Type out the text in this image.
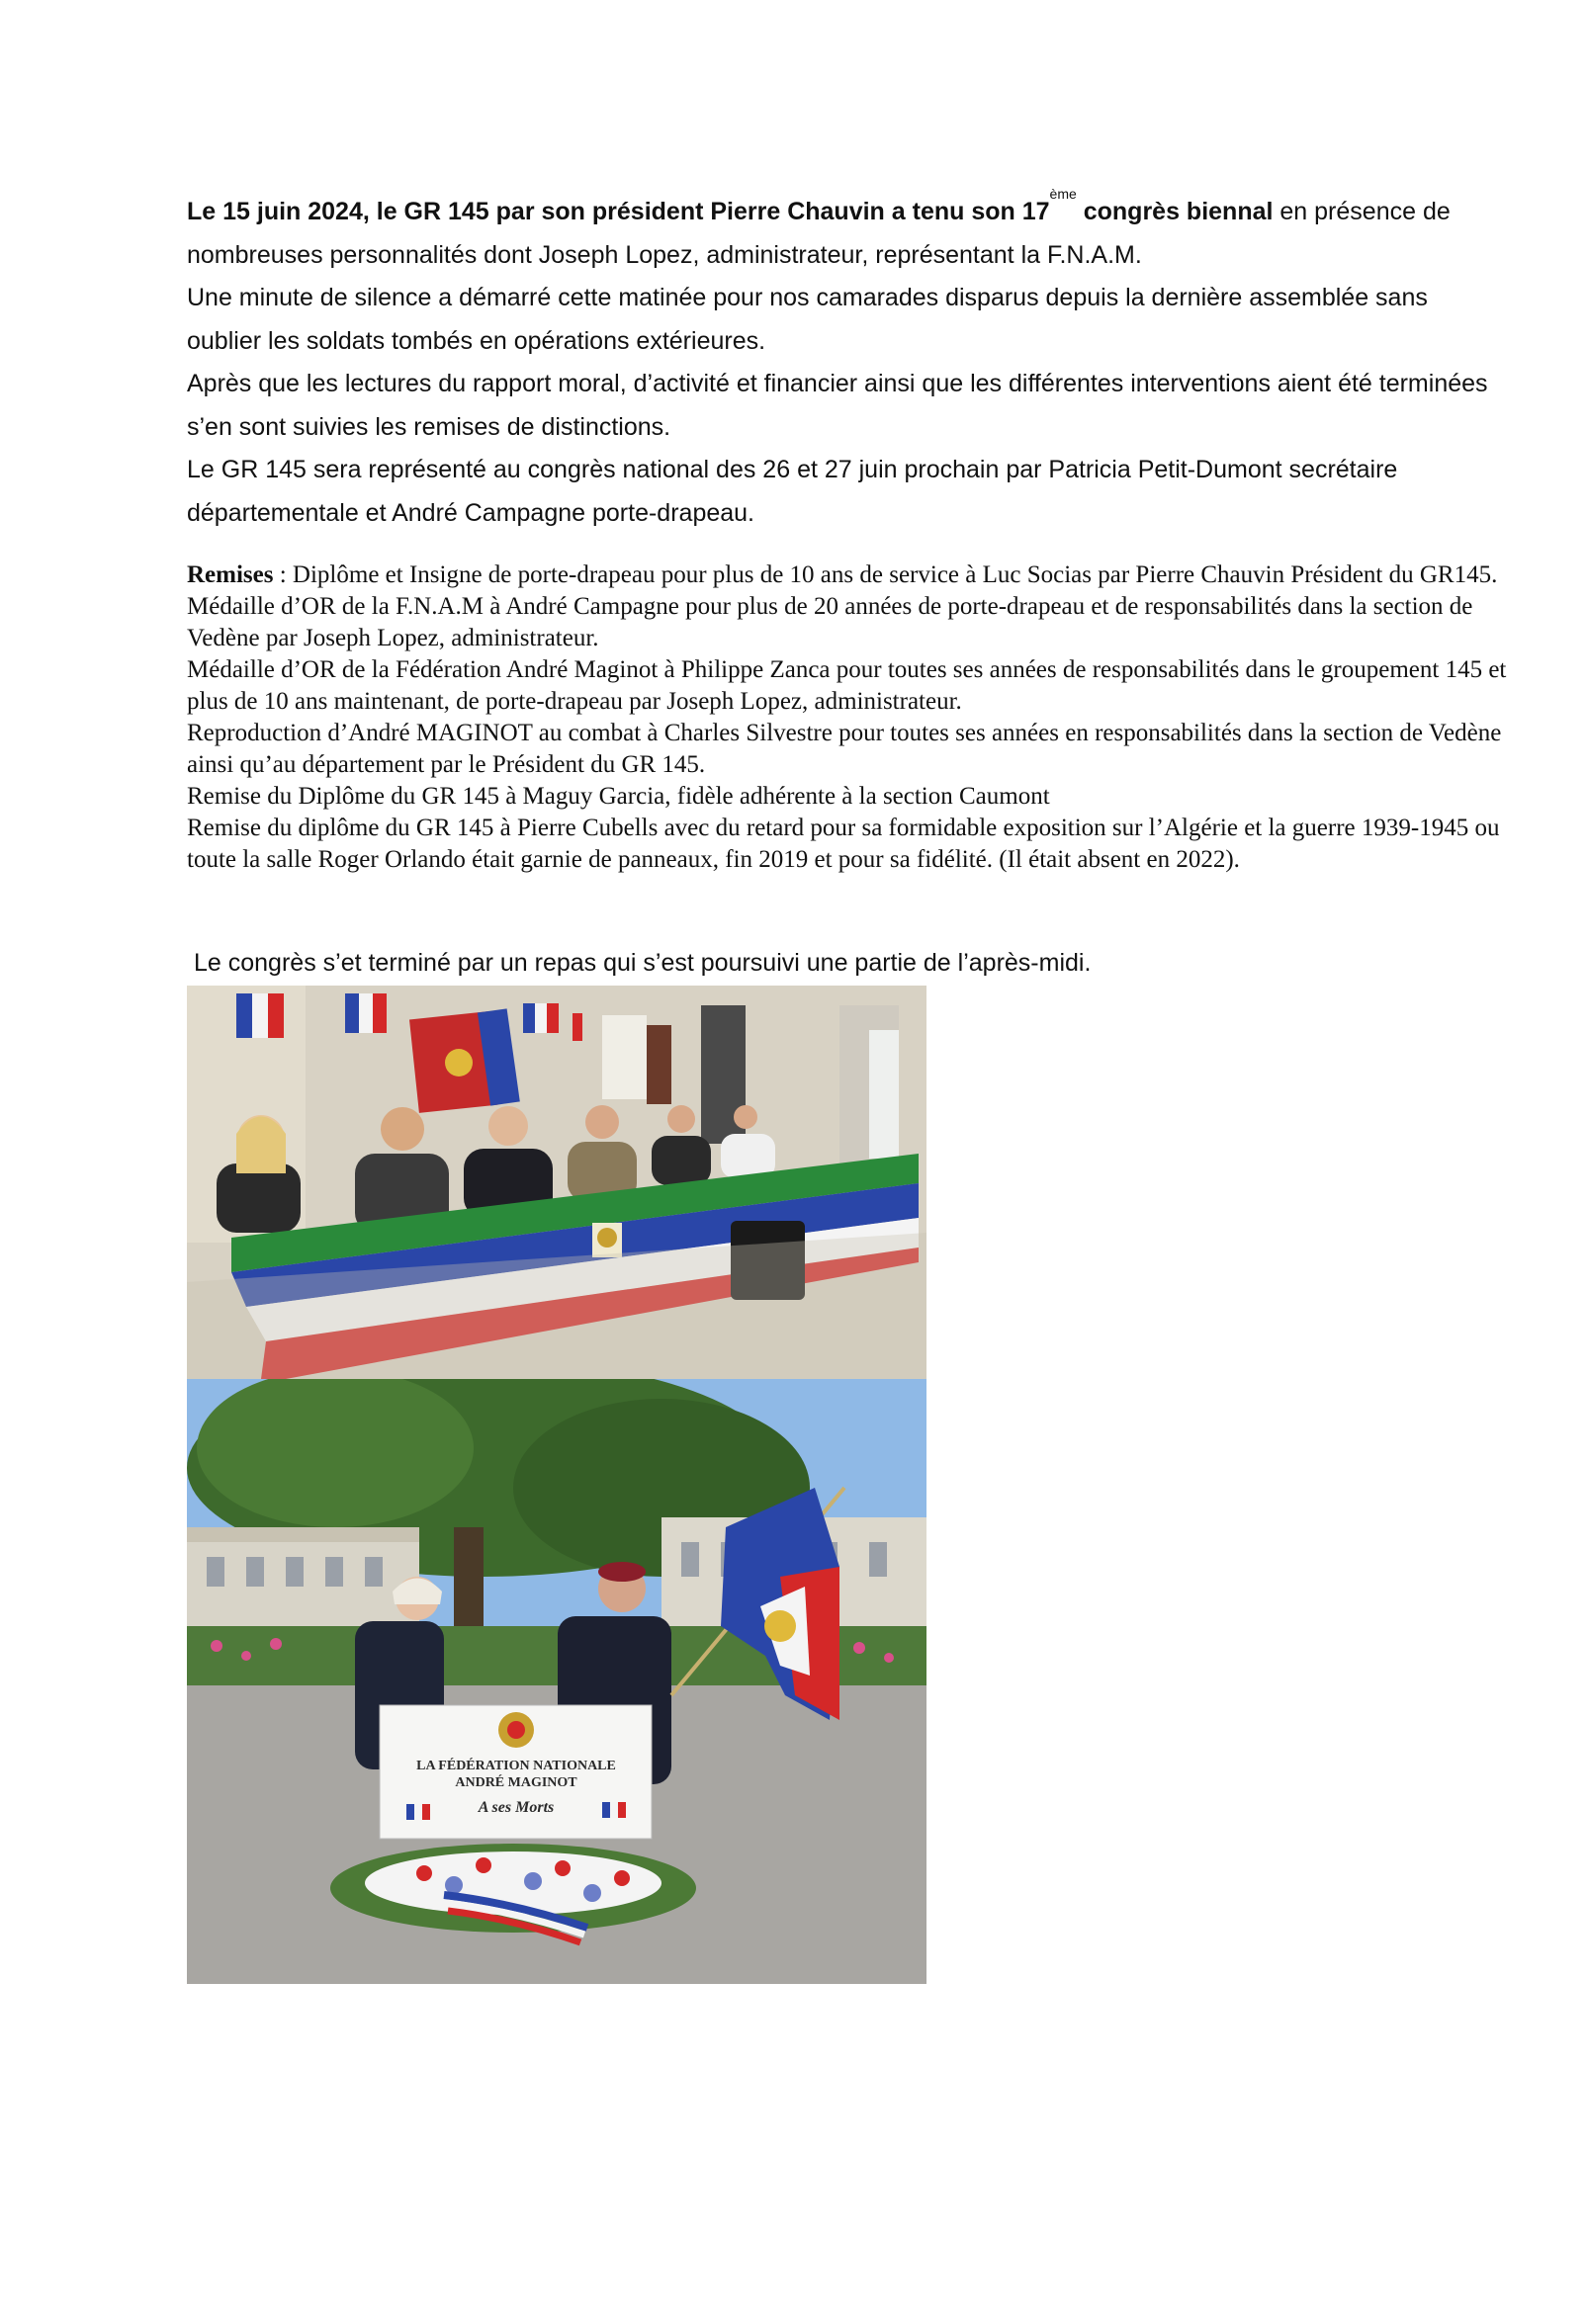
Le 15 juin 2024, le GR 145 par son président Pierre Chauvin a tenu son 17ème congrès biennal en présence de nombreuses personnalités dont Joseph Lopez, administrateur, représentant la F.N.A.M.

Une minute de silence a démarré cette matinée pour nos camarades disparus depuis la dernière assemblée sans oublier les soldats tombés en opérations extérieures.

Après que les lectures du rapport moral, d’activité et financier ainsi que les différentes interventions aient été terminées s’en sont suivies les remises de distinctions.

Le GR 145 sera représenté au congrès national des 26 et 27 juin prochain par Patricia Petit-Dumont secrétaire départementale et André Campagne porte-drapeau.

Remises : Diplôme et Insigne de porte-drapeau pour plus de 10 ans de service à Luc Socias par Pierre Chauvin Président du GR145.

Médaille d’OR de la F.N.A.M à André Campagne pour plus de 20 années de porte-drapeau et de responsabilités dans la section de Vedène par Joseph Lopez, administrateur.

Médaille d’OR de la Fédération André Maginot à Philippe Zanca pour toutes ses années de responsabilités dans le groupement 145 et plus de 10 ans maintenant, de porte-drapeau par Joseph Lopez, administrateur.

Reproduction d’André MAGINOT au combat à Charles Silvestre pour toutes ses années en responsabilités dans la section de Vedène ainsi qu’au département par le Président du GR 145.

Remise du Diplôme du GR 145 à Maguy Garcia, fidèle adhérente à la section Caumont

Remise du diplôme du GR 145 à Pierre Cubells avec du retard pour sa formidable exposition sur l’Algérie et la guerre 1939-1945 ou toute la salle Roger Orlando était garnie de panneaux, fin 2019 et pour sa fidélité. (Il était absent en 2022).

Le congrès s’et terminé par un repas qui s’est poursuivi une partie de l’après-midi.
LA FÉDÉRATION NATIONALE
ANDRÉ MAGINOT
A ses Morts
